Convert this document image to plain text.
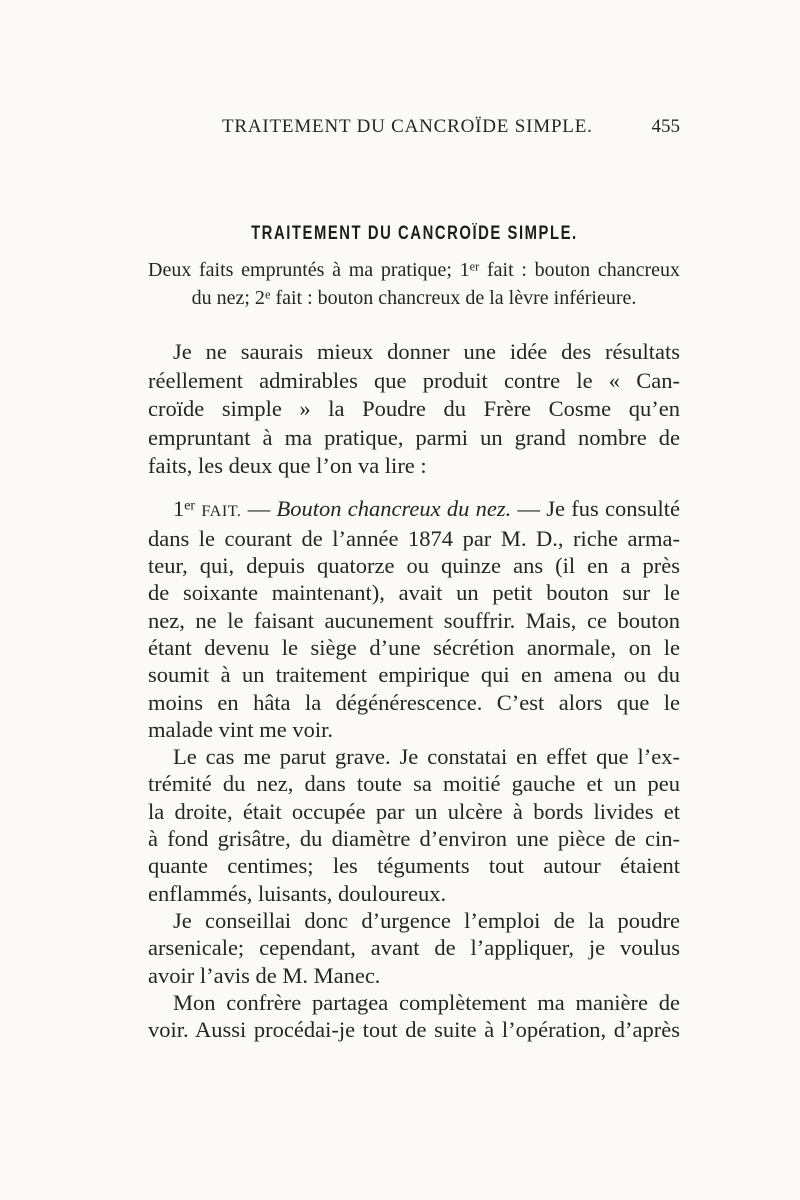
TRAITEMENT DU CANCROÏDE SIMPLE.	455
TRAITEMENT DU CANCROÏDE SIMPLE.
Deux faits empruntés à ma pratique; 1er fait : bouton chancreux
du nez; 2e fait : bouton chancreux de la lèvre inférieure.
Je ne saurais mieux donner une idée des résultats
réellement admirables que produit contre le « Can-
croïde simple » la Poudre du Frère Cosme qu’en
empruntant à ma pratique, parmi un grand nombre de
faits, les deux que l’on va lire :
1er FAIT. — Bouton chancreux du nez. — Je fus consulté
dans le courant de l’année 1874 par M. D., riche arma-
teur, qui, depuis quatorze ou quinze ans (il en a près
de soixante maintenant), avait un petit bouton sur le
nez, ne le faisant aucunement souffrir. Mais, ce bouton
étant devenu le siège d’une sécrétion anormale, on le
soumit à un traitement empirique qui en amena ou du
moins en hâta la dégénérescence. C’est alors que le
malade vint me voir.
Le cas me parut grave. Je constatai en effet que l’ex-
trémité du nez, dans toute sa moitié gauche et un peu
la droite, était occupée par un ulcère à bords livides et
à fond grisâtre, du diamètre d’environ une pièce de cin-
quante centimes; les téguments tout autour étaient
enflammés, luisants, douloureux.
Je conseillai donc d’urgence l’emploi de la poudre
arsenicale; cependant, avant de l’appliquer, je voulus
avoir l’avis de M. Manec.
Mon confrère partagea complètement ma manière de
voir. Aussi procédai-je tout de suite à l’opération, d’après
